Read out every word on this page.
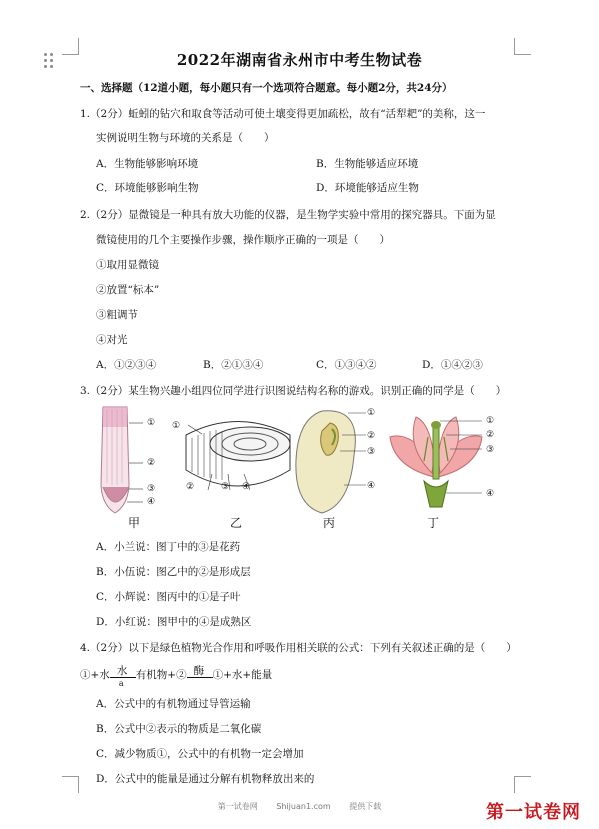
2022年湖南省永州市中考生物试卷
一、选择题（12道小题，每小题只有一个选项符合题意。每小题2分，共24分）
1.（2分）蚯蚓的钻穴和取食等活动可使土壤变得更加疏松，故有“活犁耙”的美称，这一
实例说明生物与环境的关系是（　　）
A．生物能够影响环境	B．生物能够适应环境
C．环境能够影响生物	D．环境能够适应生物
2.（2分）显微镜是一种具有放大功能的仪器，是生物学实验中常用的探究器具。下面为显
微镜使用的几个主要操作步骤，操作顺序正确的一项是（　　）
①取用显微镜
②放置“标本”
③粗调节
④对光
A．①②③④	B．②①③④	C．①③④②	D．①④②③
3.（2分）某生物兴趣小组四位同学进行识图说结构名称的游戏。识别正确的同学是（　　）
①
②
③
④
甲
①
②	③ ④
乙
①
②
③
④
丙
①
②
③
④
丁
A．小兰说：图丁中的③是花药
B．小伍说：图乙中的②是形成层
C．小辉说：图丙中的①是子叶
D．小红说：图甲中的④是成熟区
4.（2分）以下是绿色植物光合作用和呼吸作用相关联的公式：下列有关叙述正确的是（　　）
①+水 $\frac{\text{水}}{a}$ 有机物+② 酶 ①+水+能量
A．公式中的有机物通过导管运输
B．公式中②表示的物质是二氧化碳
C．减少物质①，公式中的有机物一定会增加
D．公式中的能量是通过分解有机物释放出来的
第一试卷网 Shijuan1.com 提供下载	第一试卷网
